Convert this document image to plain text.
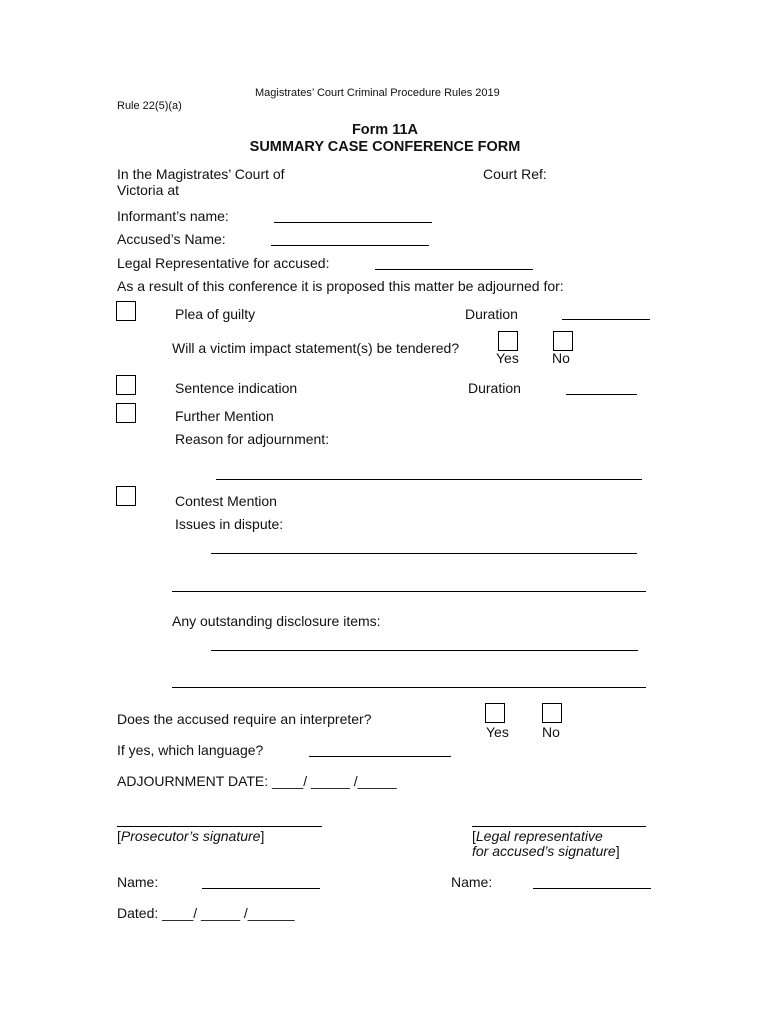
Magistrates’ Court Criminal Procedure Rules 2019
Rule 22(5)(a)
Form 11A
SUMMARY CASE CONFERENCE FORM
In the Magistrates’ Court of
Victoria at
Court Ref:
Informant’s name:
Accused’s Name:
Legal Representative for accused:
As a result of this conference it is proposed this matter be adjourned for:
Plea of guilty	Duration
Will a victim impact statement(s) be tendered?
Yes No
Sentence indication	Duration
Further Mention
Reason for adjournment:
Contest Mention
Issues in dispute:
Any outstanding disclosure items:
Does the accused require an interpreter?
Yes No
If yes, which language?
ADJOURNMENT DATE: ____/ _____ /_____
[Prosecutor’s signature]	[Legal representative
for accused’s signature]
Name:	Name:
Dated: ____/ _____ /______
